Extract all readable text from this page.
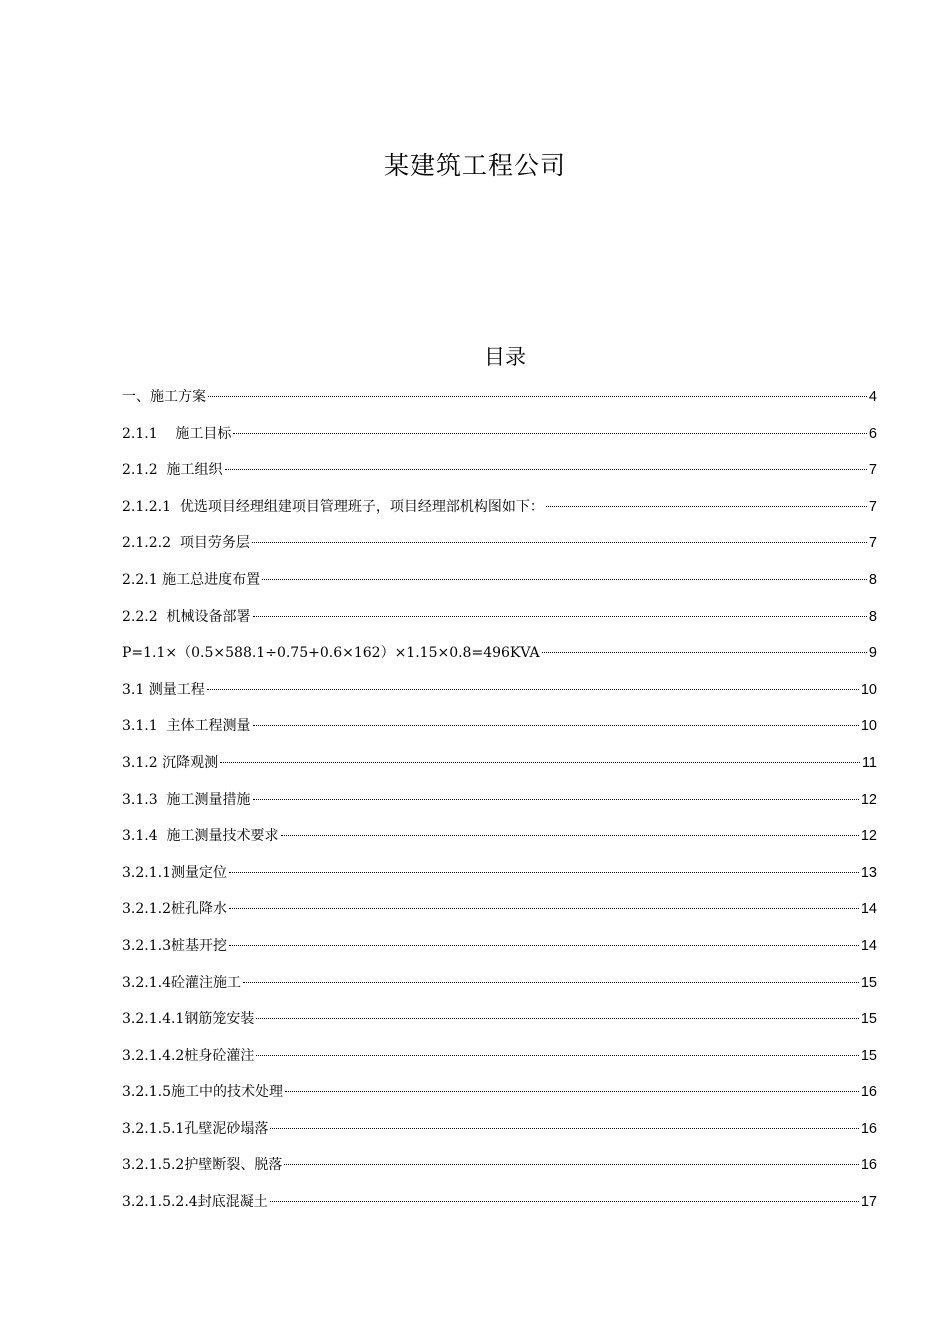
某建筑工程公司
目录
一、施工方案	4
2.1.1    施工目标	6
2.1.2  施工组织	7
2.1.2.1  优选项目经理组建项目管理班子，项目经理部机构图如下：	7
2.1.2.2  项目劳务层	7
2.2.1 施工总进度布置	8
2.2.2  机械设备部署	8
P=1.1×（0.5×588.1÷0.75+0.6×162）×1.15×0.8=496KVA	9
3.1 测量工程	10
3.1.1  主体工程测量	10
3.1.2 沉降观测	11
3.1.3  施工测量措施	12
3.1.4  施工测量技术要求	12
3.2.1.1测量定位	13
3.2.1.2桩孔降水	14
3.2.1.3桩基开挖	14
3.2.1.4砼灌注施工	15
3.2.1.4.1钢筋笼安装	15
3.2.1.4.2桩身砼灌注	15
3.2.1.5施工中的技术处理	16
3.2.1.5.1孔壁泥砂塌落	16
3.2.1.5.2护壁断裂、脱落	16
3.2.1.5.2.4封底混凝土	17
